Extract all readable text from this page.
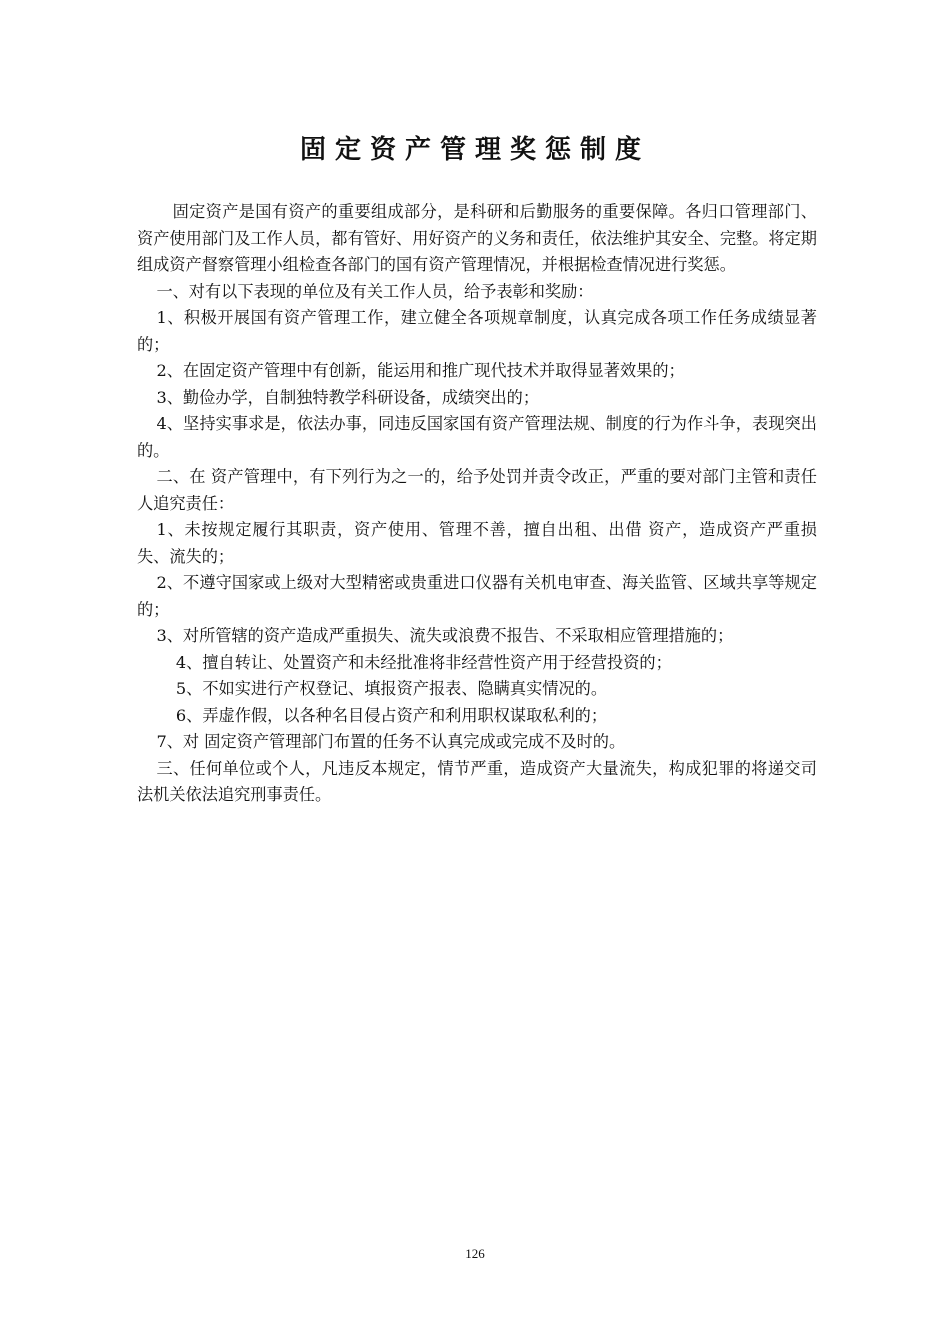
固定资产管理奖惩制度

固定资产是国有资产的重要组成部分，是科研和后勤服务的重要保障。各归口管理部门、资产使用部门及工作人员，都有管好、用好资产的义务和责任，依法维护其安全、完整。将定期组成资产督察管理小组检查各部门的国有资产管理情况，并根据检查情况进行奖惩。

一、对有以下表现的单位及有关工作人员，给予表彰和奖励：

1、积极开展国有资产管理工作，建立健全各项规章制度，认真完成各项工作任务成绩显著的；

2、在固定资产管理中有创新，能运用和推广现代技术并取得显著效果的；

3、勤俭办学，自制独特教学科研设备，成绩突出的；

4、坚持实事求是，依法办事，同违反国家国有资产管理法规、制度的行为作斗争，表现突出的。

二、在 资产管理中，有下列行为之一的，给予处罚并责令改正，严重的要对部门主管和责任人追究责任：

1、未按规定履行其职责，资产使用、管理不善，擅自出租、出借 资产，造成资产严重损失、流失的；

2、不遵守国家或上级对大型精密或贵重进口仪器有关机电审查、海关监管、区域共享等规定的；

3、对所管辖的资产造成严重损失、流失或浪费不报告、不采取相应管理措施的；

4、擅自转让、处置资产和未经批准将非经营性资产用于经营投资的；

5、不如实进行产权登记、填报资产报表、隐瞒真实情况的。

6、弄虚作假，以各种名目侵占资产和利用职权谋取私利的；

7、对 固定资产管理部门布置的任务不认真完成或完成不及时的。

三、任何单位或个人，凡违反本规定，情节严重，造成资产大量流失，构成犯罪的将递交司法机关依法追究刑事责任。

126
